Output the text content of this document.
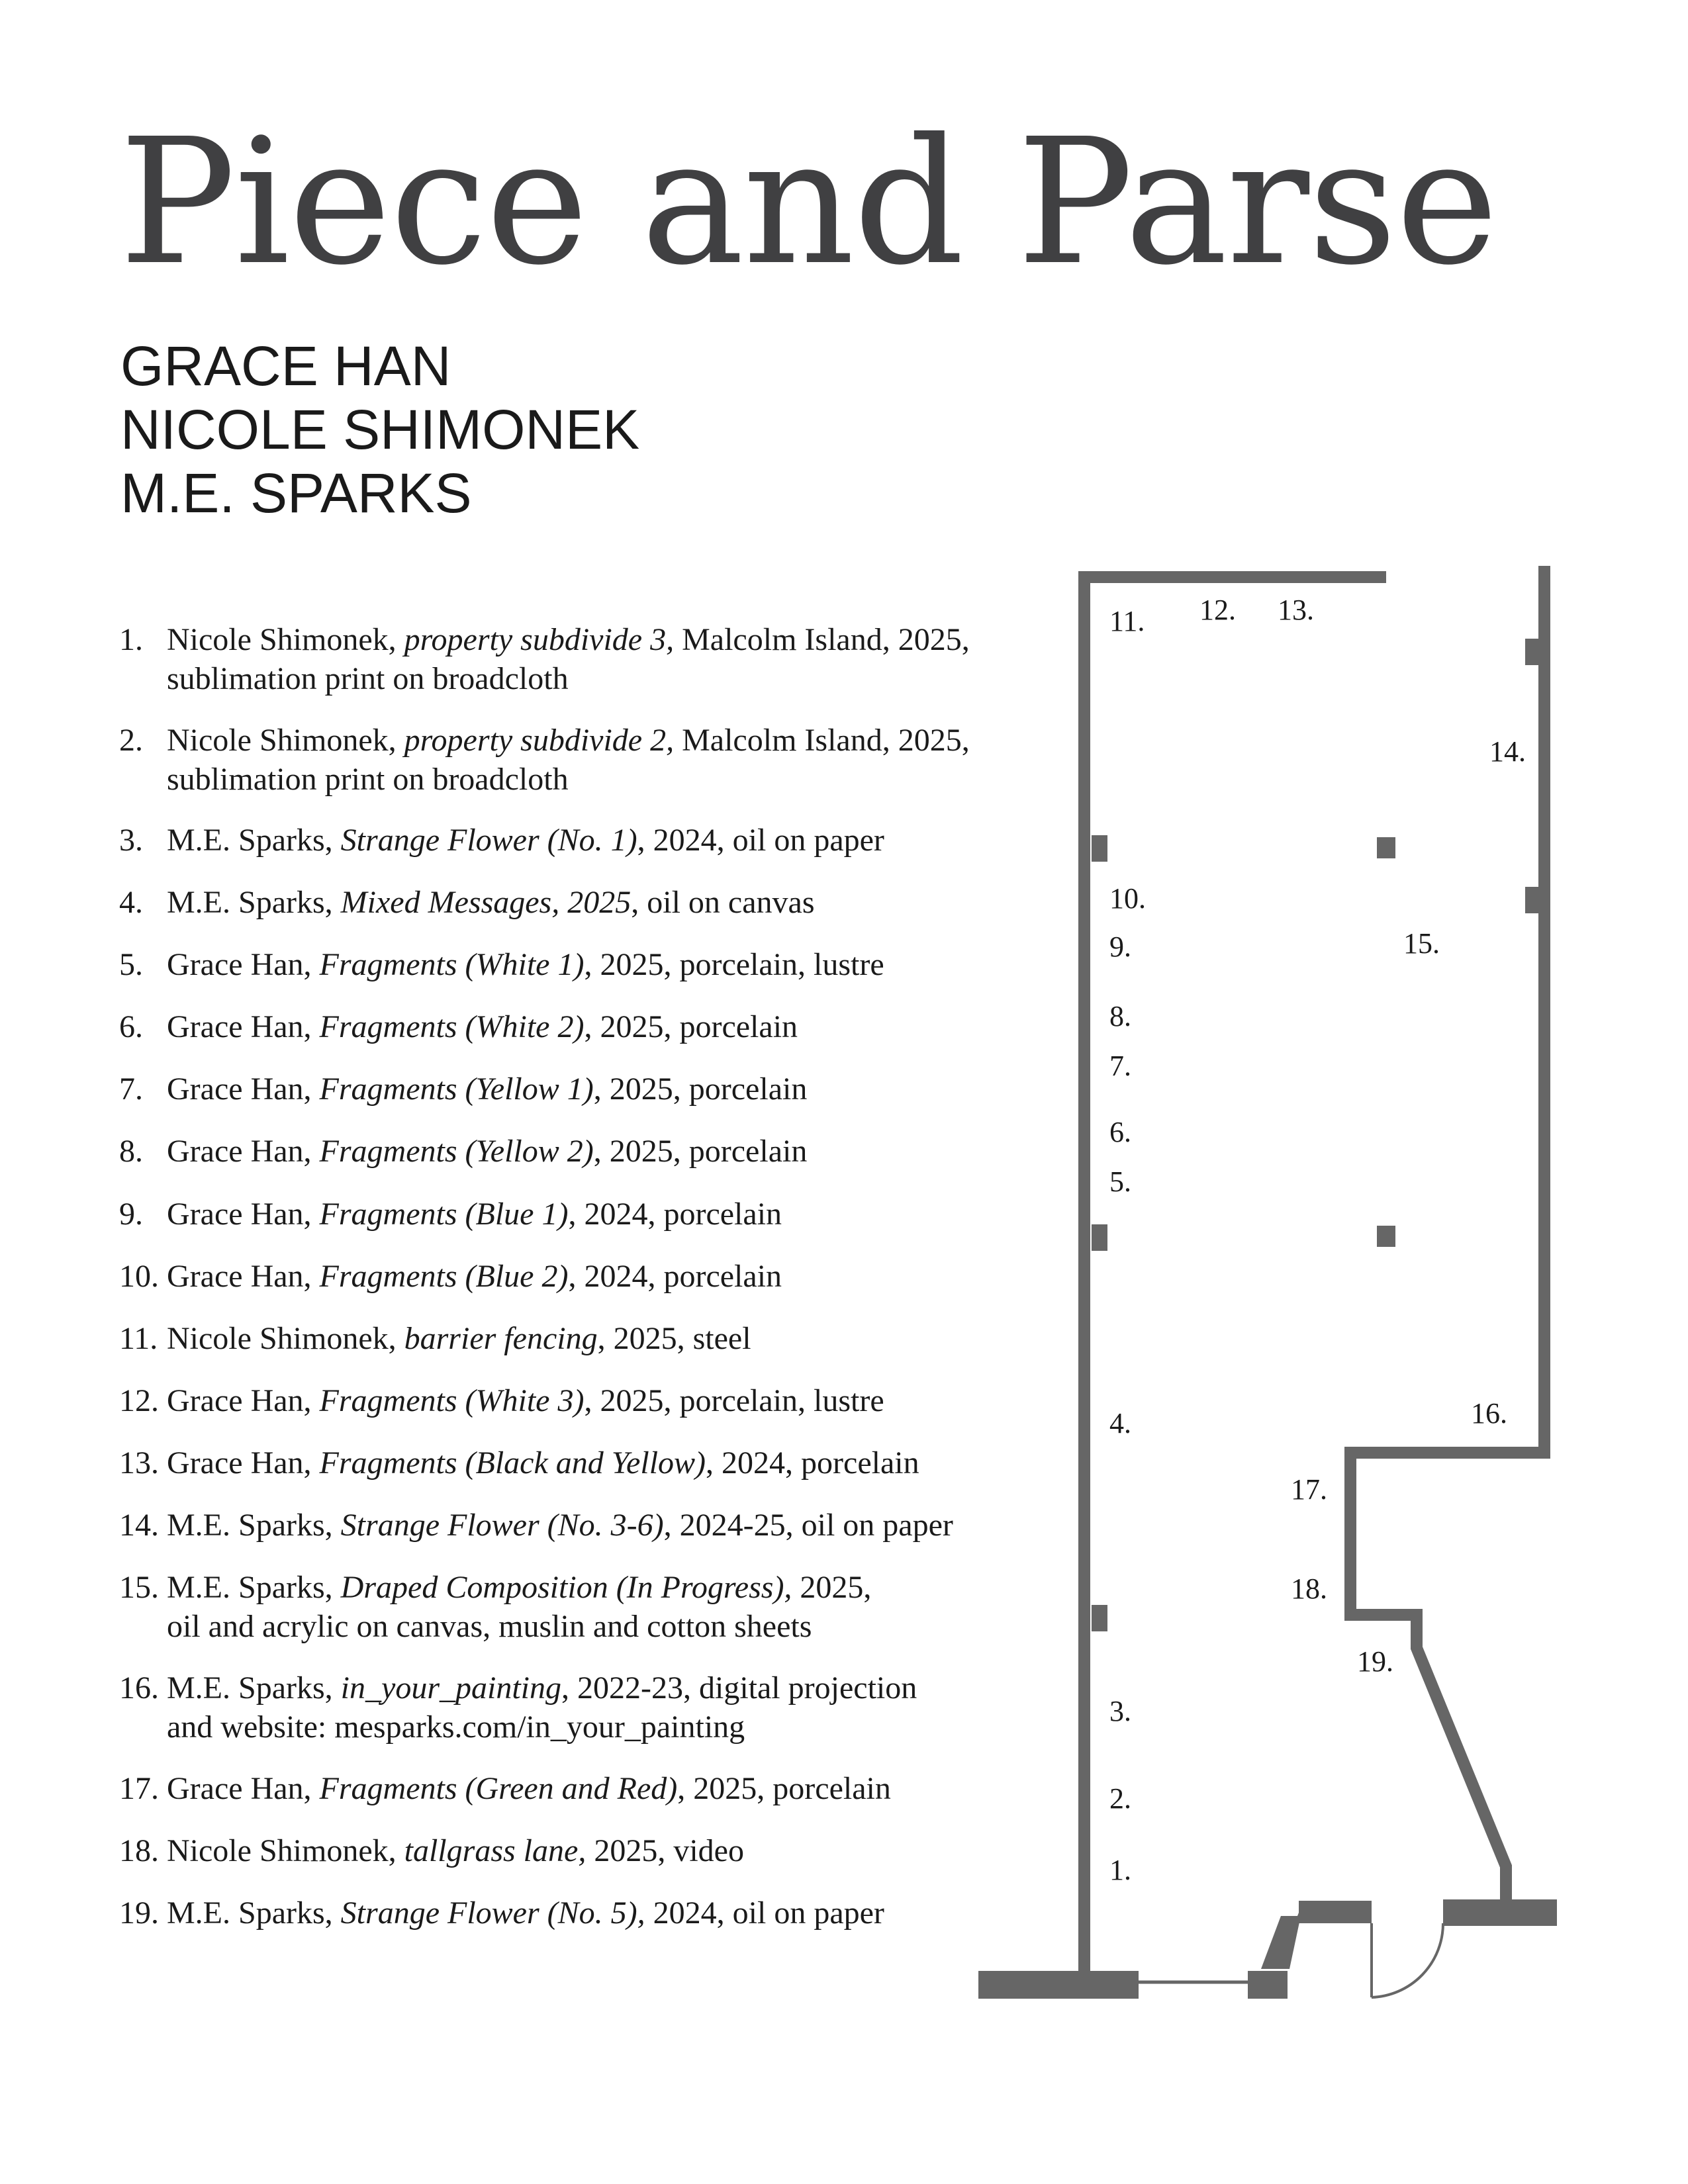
Piece and Parse
GRACE HAN
NICOLE SHIMONEK
M.E. SPARKS
1. Nicole Shimonek, property subdivide 3, Malcolm Island, 2025,
sublimation print on broadcloth
2. Nicole Shimonek, property subdivide 2, Malcolm Island, 2025,
sublimation print on broadcloth
3. M.E. Sparks, Strange Flower (No. 1), 2024, oil on paper
4. M.E. Sparks, Mixed Messages, 2025, oil on canvas
5. Grace Han, Fragments (White 1), 2025, porcelain, lustre
6. Grace Han, Fragments (White 2), 2025, porcelain
7. Grace Han, Fragments (Yellow 1), 2025, porcelain
8. Grace Han, Fragments (Yellow 2), 2025, porcelain
9. Grace Han, Fragments (Blue 1), 2024, porcelain
10. Grace Han, Fragments (Blue 2), 2024, porcelain
11. Nicole Shimonek, barrier fencing, 2025, steel
12. Grace Han, Fragments (White 3), 2025, porcelain, lustre
13. Grace Han, Fragments (Black and Yellow), 2024, porcelain
14. M.E. Sparks, Strange Flower (No. 3-6), 2024-25, oil on paper
15. M.E. Sparks, Draped Composition (In Progress), 2025,
oil and acrylic on canvas, muslin and cotton sheets
16. M.E. Sparks, in_your_painting, 2022-23, digital projection
and website: mesparks.com/in_your_painting
17. Grace Han, Fragments (Green and Red), 2025, porcelain
18. Nicole Shimonek, tallgrass lane, 2025, video
19. M.E. Sparks, Strange Flower (No. 5), 2024, oil on paper
1.
2.
3.
4.
5.
6.
7.
8.
9.
10.
11. 12. 13.
14.
15.
16.
17.
18.
19.
